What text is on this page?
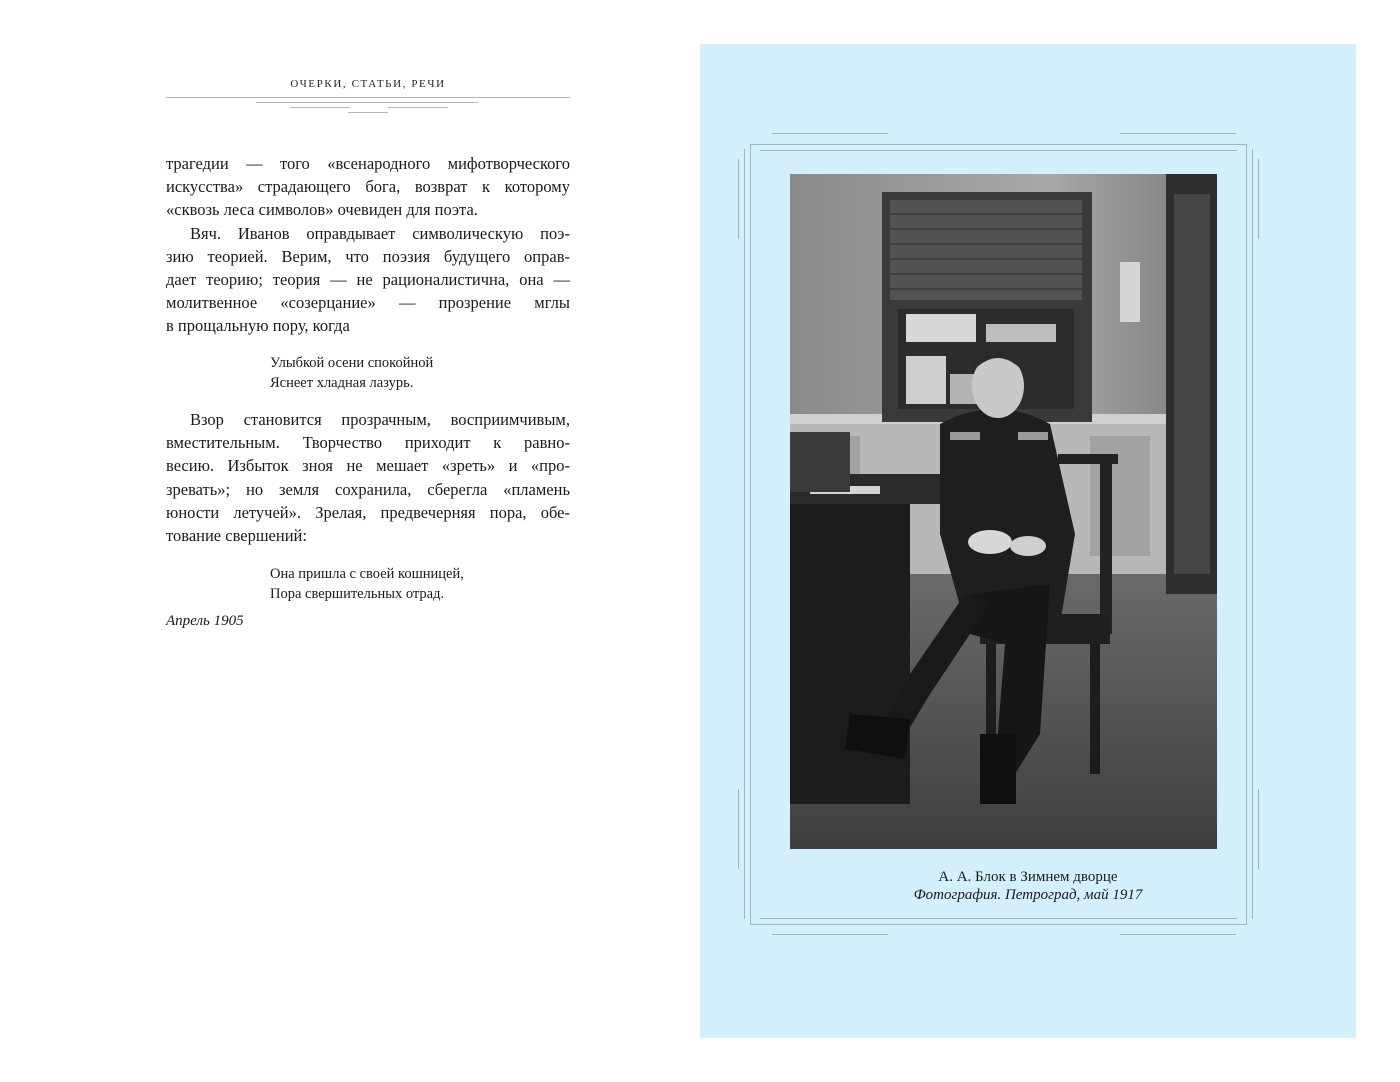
ОЧЕРКИ, СТАТЬИ, РЕЧИ

трагедии — того «всенародного мифотворческого

искусства» страдающего бога, возврат к которому

«сквозь леса символов» очевиден для поэта.

Вяч. Иванов оправдывает символическую поэ-

зию теорией. Верим, что поэзия будущего оправ-

дает теорию; теория — не рационалистична, она —

молитвенное «созерцание» — прозрение мглы

в прощальную пору, когда

Улыбкой осени спокойной
Яснеет хладная лазурь.

Взор становится прозрачным, восприимчивым,

вместительным. Творчество приходит к равно-

весию. Избыток зноя не мешает «зреть» и «про-

зревать»; но земля сохранила, сберегла «пламень

юности летучей». Зрелая, предвечерняя пора, обе-

тование свершений:

Она пришла с своей кошницей,
Пора свершительных отрад.
Апрель 1905
А. А. Блок в Зимнем дворце
Фотография. Петроград, май 1917
